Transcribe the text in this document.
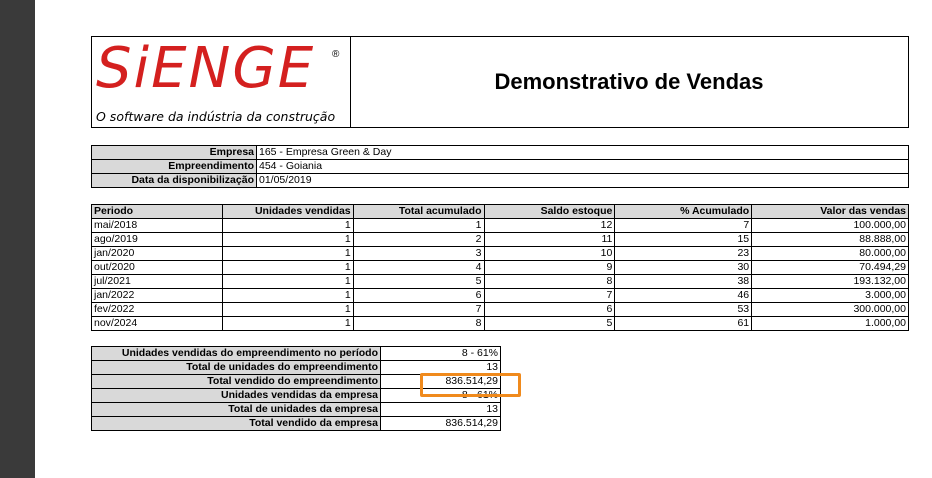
SiENGE ®
O software da indústria da construção
Demonstrativo de Vendas
Empresa	165 - Empresa Green & Day
Empreendimento	454 - Goiania
Data da disponibilização	01/05/2019
Periodo	Unidades vendidas	Total acumulado	Saldo estoque	% Acumulado	Valor das vendas
mai/2018	1	1	12	7	100.000,00
ago/2019	1	2	11	15	88.888,00
jan/2020	1	3	10	23	80.000,00
out/2020	1	4	9	30	70.494,29
jul/2021	1	5	8	38	193.132,00
jan/2022	1	6	7	46	3.000,00
fev/2022	1	7	6	53	300.000,00
nov/2024	1	8	5	61	1.000,00
Unidades vendidas do empreendimento no período	8 - 61%
Total de unidades do empreendimento	13
Total vendido do empreendimento	836.514,29
Unidades vendidas da empresa	8 - 61%
Total de unidades da empresa	13
Total vendido da empresa	836.514,29
